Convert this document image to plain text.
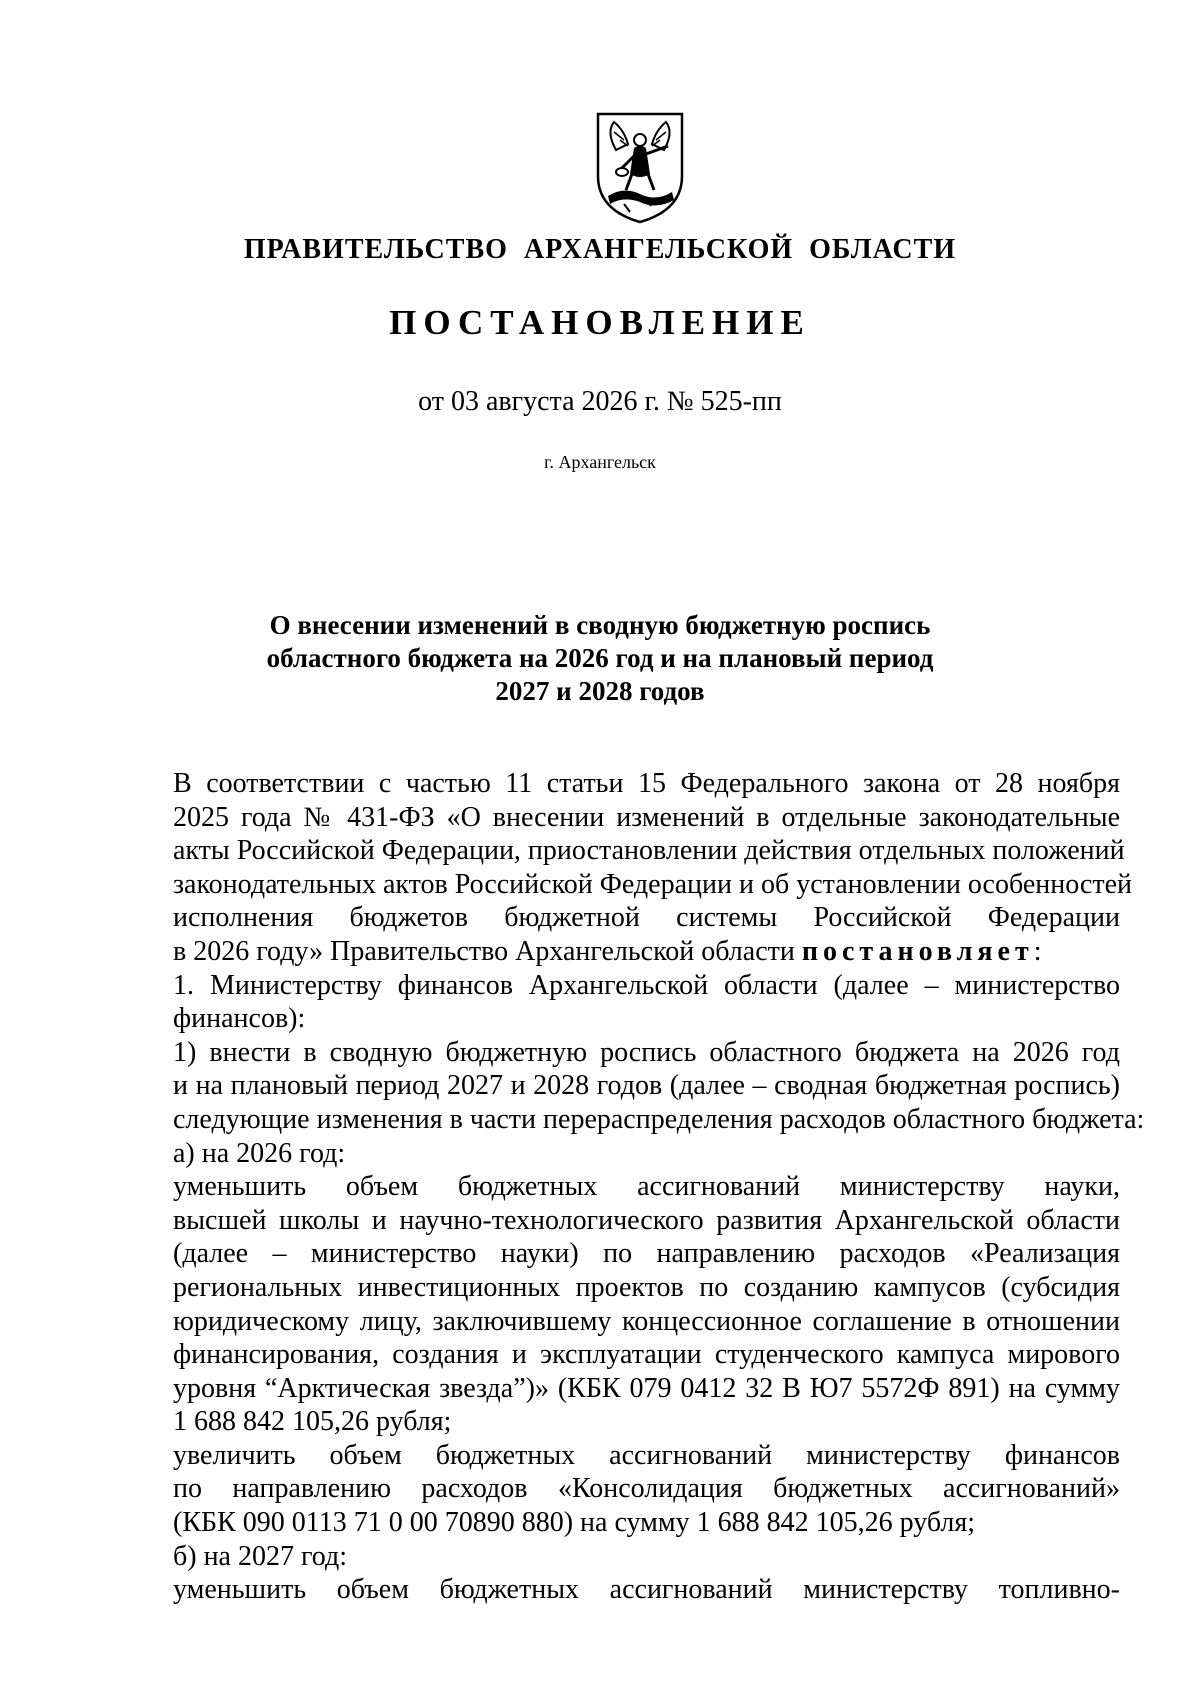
ПРАВИТЕЛЬСТВО  АРХАНГЕЛЬСКОЙ  ОБЛАСТИ
ПОСТАНОВЛЕНИЕ
от 03 августа 2026 г. № 525-пп
г. Архангельск
О внесении изменений в сводную бюджетную роспись
областного бюджета на 2026 год и на плановый период
2027 и 2028 годов

В соответствии с частью 11 статьи 15 Федерального закона от 28 ноября

2025 года № 431-ФЗ «О внесении изменений в отдельные законодательные

акты Российской Федерации, приостановлении действия отдельных положений

законодательных актов Российской Федерации и об установлении особенностей

исполнения бюджетов бюджетной системы Российской Федерации

в 2026 году» Правительство Архангельской области постановляет:

1. Министерству финансов Архангельской области (далее – министерство

финансов):

1) внести в сводную бюджетную роспись областного бюджета на 2026 год

и на плановый период 2027 и 2028 годов (далее – сводная бюджетная роспись)

следующие изменения в части перераспределения расходов областного бюджета:

а) на 2026 год:

уменьшить объем бюджетных ассигнований министерству науки,

высшей школы и научно-технологического развития Архангельской области

(далее – министерство науки) по направлению расходов «Реализация

региональных инвестиционных проектов по созданию кампусов (субсидия

юридическому лицу, заключившему концессионное соглашение в отношении

финансирования, создания и эксплуатации студенческого кампуса мирового

уровня “Арктическая звезда”)» (КБК 079 0412 32 В Ю7 5572Ф 891) на сумму

1 688 842 105,26 рубля;

увеличить объем бюджетных ассигнований министерству финансов

по направлению расходов «Консолидация бюджетных ассигнований»

(КБК 090 0113 71 0 00 70890 880) на сумму 1 688 842 105,26 рубля;

б) на 2027 год:

уменьшить объем бюджетных ассигнований министерству топливно-
